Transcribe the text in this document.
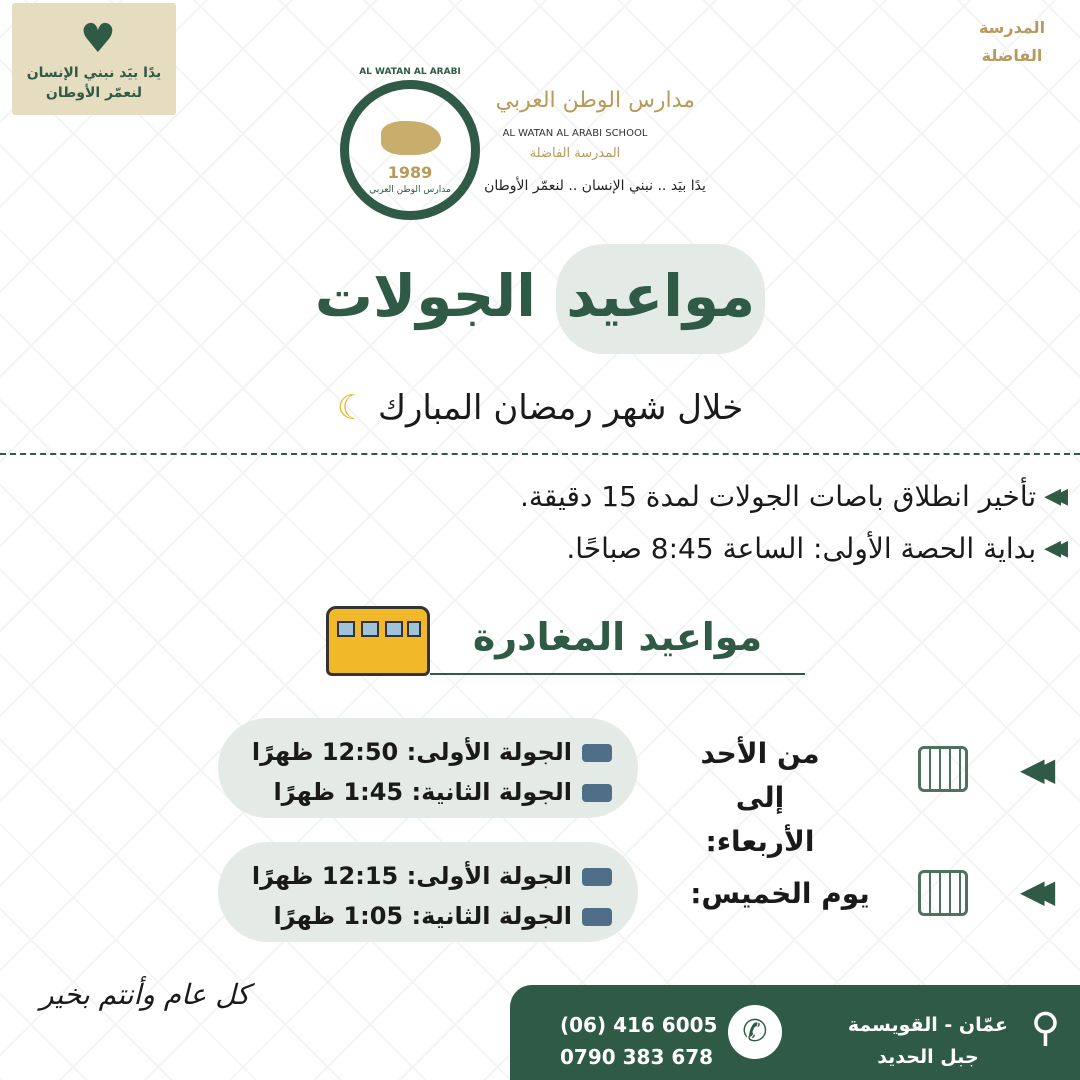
♥
يدًا بيَد نبني الإنسان
لنعمّر الأوطان
المدرسة
الفاضلة
AL WATAN AL ARABI
1989
مدارس الوطن العربي
مدارس الوطن العربي
AL WATAN AL ARABI SCHOOL
المدرسة الفاضلة
يدًا بيَد .. نبني الإنسان .. لنعمّر الأوطان
مواعيد الجولات
خلال شهر رمضان المبارك ☾
◀◀
تأخير انطلاق باصات الجولات لمدة 15 دقيقة.
◀◀
بداية الحصة الأولى: الساعة 8:45 صباحًا.
مواعيد المغادرة
الجولة الأولى: 12:50 ظهرًا
الجولة الثانية: 1:45 ظهرًا
من الأحد
إلى الأربعاء:
◀◀
الجولة الأولى: 12:15 ظهرًا
الجولة الثانية: 1:05 ظهرًا
يوم الخميس:	◀◀
كل عام وأنتم بخير
(06) 416 6005
0790 383 678
✆	عمّان - القويسمة
جبل الحديد
⚲
